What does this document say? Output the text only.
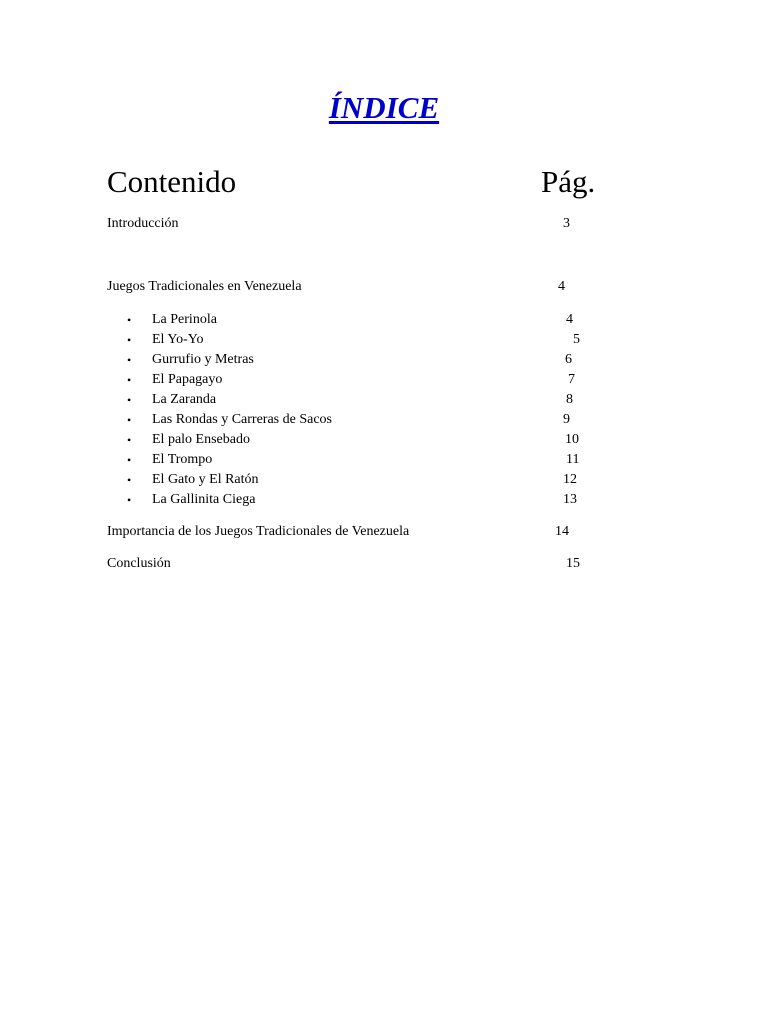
ÍNDICE
Contenido	Pág.
Introducción	3
Juegos Tradicionales en Venezuela	4
• La Perinola	4
• El Yo-Yo	5
• Gurrufio y Metras	6
• El Papagayo	7
• La Zaranda	8
• Las Rondas y Carreras de Sacos	9
• El palo Ensebado	10
• El Trompo	11
• El Gato y El Ratón	12
• La Gallinita Ciega	13
Importancia de los Juegos Tradicionales de Venezuela	14
Conclusión	15
